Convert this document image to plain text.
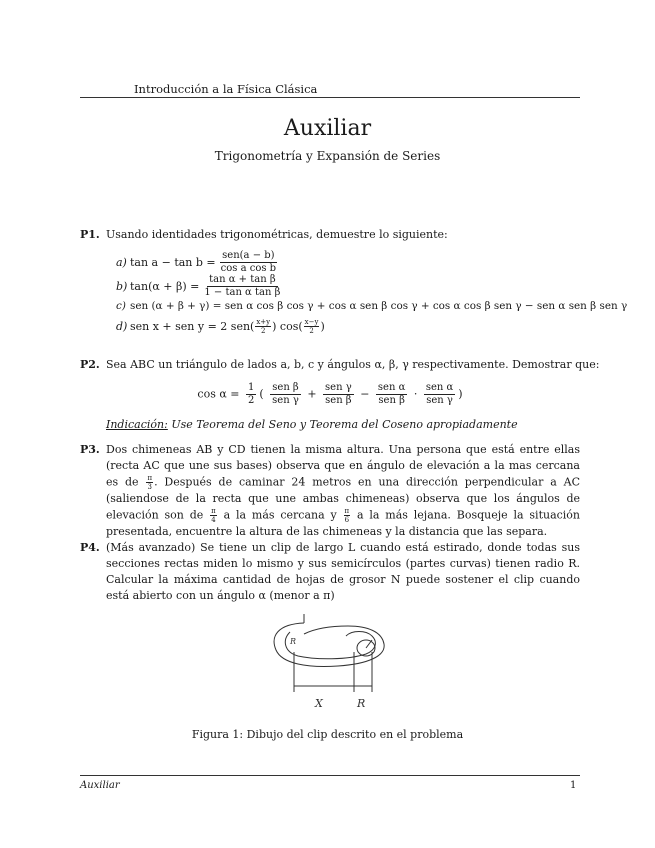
Introducción a la Física Clásica
Auxiliar
Trigonometría y Expansión de Series
P1. Usando identidades trigonométricas, demuestre lo siguiente:
a) $\tan a - \tan b = \frac{\text{sen(a − b)}}{\text{cos a cos b}}$
b) $\tan(\alpha + \beta) = \frac{\text{tan α + tan β}}{\text{1 − tan α tan β}}$
c) sen (α + β + γ) = sen α cos β cos γ + cos α sen β cos γ + cos α cos β sen γ − sen α sen β sen γ
d) sen x + sen y = 2 sen ( $\frac{x+y}{2}$ ) cos ( $\frac{x-y}{2}$ )
P2. Sea ABC un triángulo de lados a, b, c y ángulos α, β, γ respectivamente. Demostrar que:
$\cos \alpha = \frac{1}{2}$ ( $\frac{\text{sen β}}{\text{sen γ}} + \frac{\text{sen γ}}{\text{sen β}} - \frac{\text{sen α}}{\text{sen β}} \cdot \frac{\text{sen α}}{\text{sen γ}}$ )
Indicación: Use Teorema del Seno y Teorema del Coseno apropiadamente
P3. Dos chimeneas AB y CD tienen la misma altura. Una persona que está entre ellas (recta AC que une sus bases) observa que en ángulo de elevación a la mas cercana es de $\frac{\pi}{3}$ . Después de caminar 24 metros en una dirección perpendicular a AC (saliendose de la recta que une ambas chimeneas) observa que los ángulos de elevación son de $\frac{\pi}{4}$ a la más cercana y $\frac{\pi}{6}$ a la más lejana. Bosqueje la situación presentada, encuentre la altura de las chimeneas y la distancia que las separa.
P4. (Más avanzado) Se tiene un clip de largo L cuando está estirado, donde todas sus secciones rectas miden lo mismo y sus semicírculos (partes curvas) tienen radio R. Calcular la máxima cantidad de hojas de grosor N puede sostener el clip cuando está abierto con un ángulo α (menor a π)
R
X	R
Figura 1: Dibujo del clip descrito en el problema
Auxiliar	1
